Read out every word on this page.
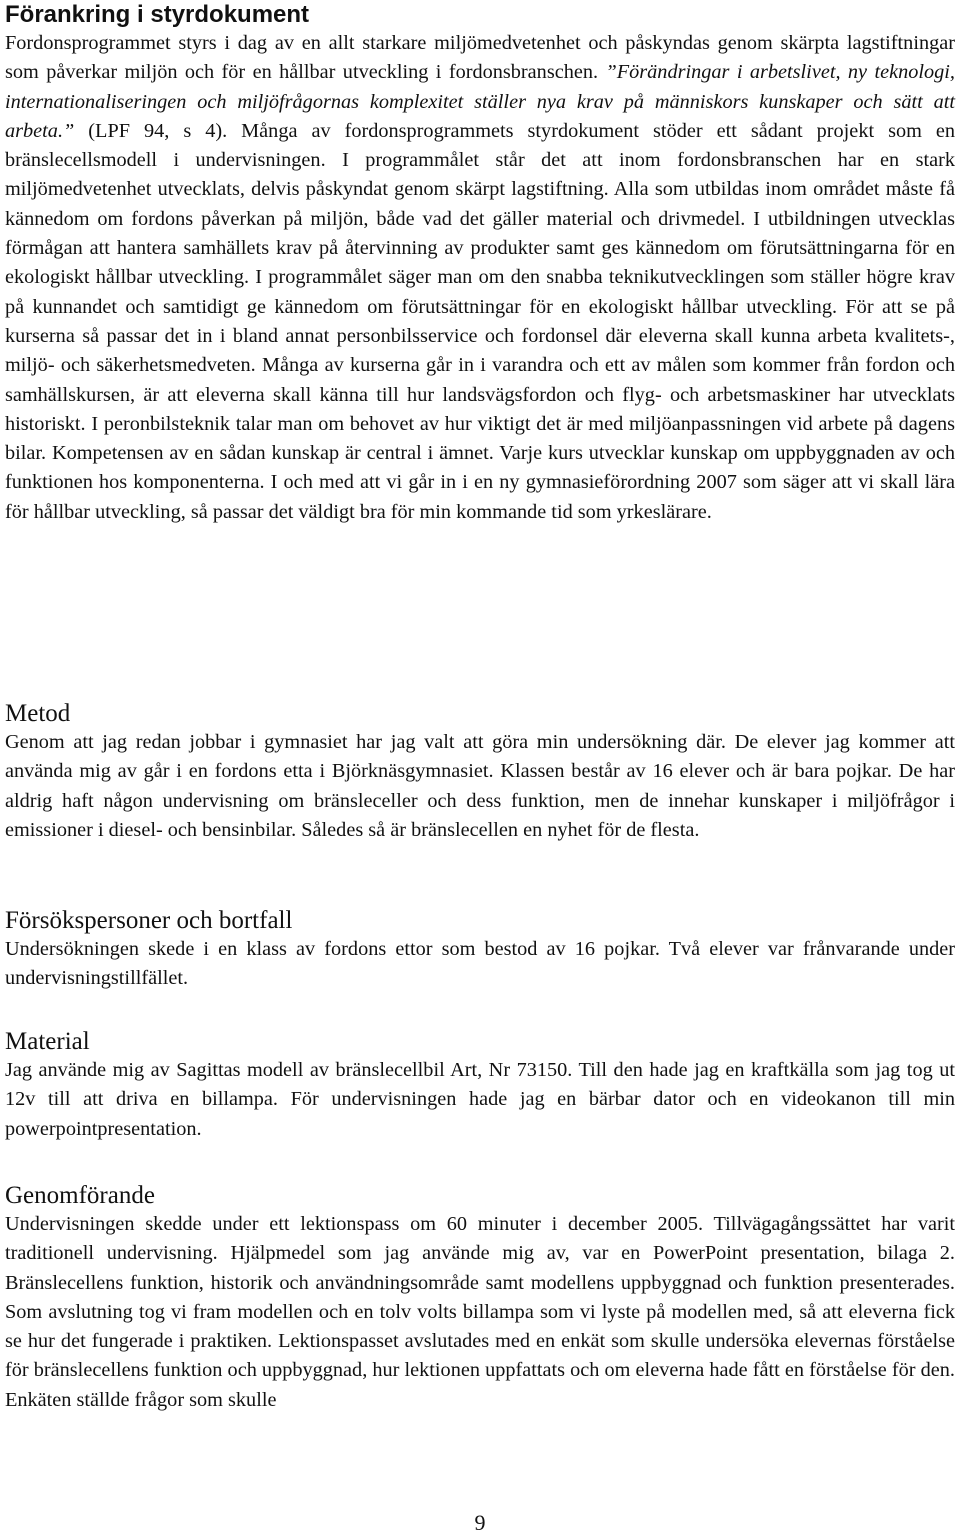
Förankring i styrdokument

Fordonsprogrammet styrs i dag av en allt starkare miljömedvetenhet och påskyndas genom skärpta lagstiftningar som påverkar miljön och för en hållbar utveckling i fordonsbranschen. ”Förändringar i arbetslivet, ny teknologi, internationaliseringen och miljöfrågornas komplexitet ställer nya krav på människors kunskaper och sätt att arbeta.” (LPF 94, s 4). Många av fordonsprogrammets styrdokument stöder ett sådant projekt som en bränslecellsmodell i undervisningen. I programmålet står det att inom fordonsbranschen har en stark miljömedvetenhet utvecklats, delvis påskyndat genom skärpt lagstiftning. Alla som utbildas inom området måste få kännedom om fordons påverkan på miljön, både vad det gäller material och drivmedel. I utbildningen utvecklas förmågan att hantera samhällets krav på återvinning av produkter samt ges kännedom om förutsättningarna för en ekologiskt hållbar utveckling. I programmålet säger man om den snabba teknikutvecklingen som ställer högre krav på kunnandet och samtidigt ge kännedom om förutsättningar för en ekologiskt hållbar utveckling. För att se på kurserna så passar det in i bland annat personbilsservice och fordonsel där eleverna skall kunna arbeta kvalitets-, miljö- och säkerhetsmedveten. Många av kurserna går in i varandra och ett av målen som kommer från fordon och samhällskursen, är att eleverna skall känna till hur landsvägsfordon och flyg- och arbetsmaskiner har utvecklats historiskt. I peronbilsteknik talar man om behovet av hur viktigt det är med miljöanpassningen vid arbete på dagens bilar. Kompetensen av en sådan kunskap är central i ämnet. Varje kurs utvecklar kunskap om uppbyggnaden av och funktionen hos komponenterna. I och med att vi går in i en ny gymnasieförordning 2007 som säger att vi skall lära för hållbar utveckling, så passar det väldigt bra för min kommande tid som yrkeslärare.

Metod

Genom att jag redan jobbar i gymnasiet har jag valt att göra min undersökning där. De elever jag kommer att använda mig av går i en fordons etta i Björknäsgymnasiet. Klassen består av 16 elever och är bara pojkar. De har aldrig haft någon undervisning om bränsleceller och dess funktion, men de innehar kunskaper i miljöfrågor i emissioner i diesel- och bensinbilar. Således så är bränslecellen en nyhet för de flesta.

Försökspersoner och bortfall

Undersökningen skede i en klass av fordons ettor som bestod av 16 pojkar. Två elever var frånvarande under undervisningstillfället.

Material

Jag använde mig av Sagittas modell av bränslecellbil Art, Nr 73150. Till den hade jag en kraftkälla som jag tog ut 12v till att driva en billampa. För undervisningen hade jag en bärbar dator och en videokanon till min powerpointpresentation.

Genomförande

Undervisningen skedde under ett lektionspass om 60 minuter i december 2005. Tillvägagångssättet har varit traditionell undervisning. Hjälpmedel som jag använde mig av, var en PowerPoint presentation, bilaga 2. Bränslecellens funktion, historik och användningsområde samt modellens uppbyggnad och funktion presenterades. Som avslutning tog vi fram modellen och en tolv volts billampa som vi lyste på modellen med, så att eleverna fick se hur det fungerade i praktiken. Lektionspasset avslutades med en enkät som skulle undersöka elevernas förståelse för bränslecellens funktion och uppbyggnad, hur lektionen uppfattats och om eleverna hade fått en förståelse för den. Enkäten ställde frågor som skulle

9
